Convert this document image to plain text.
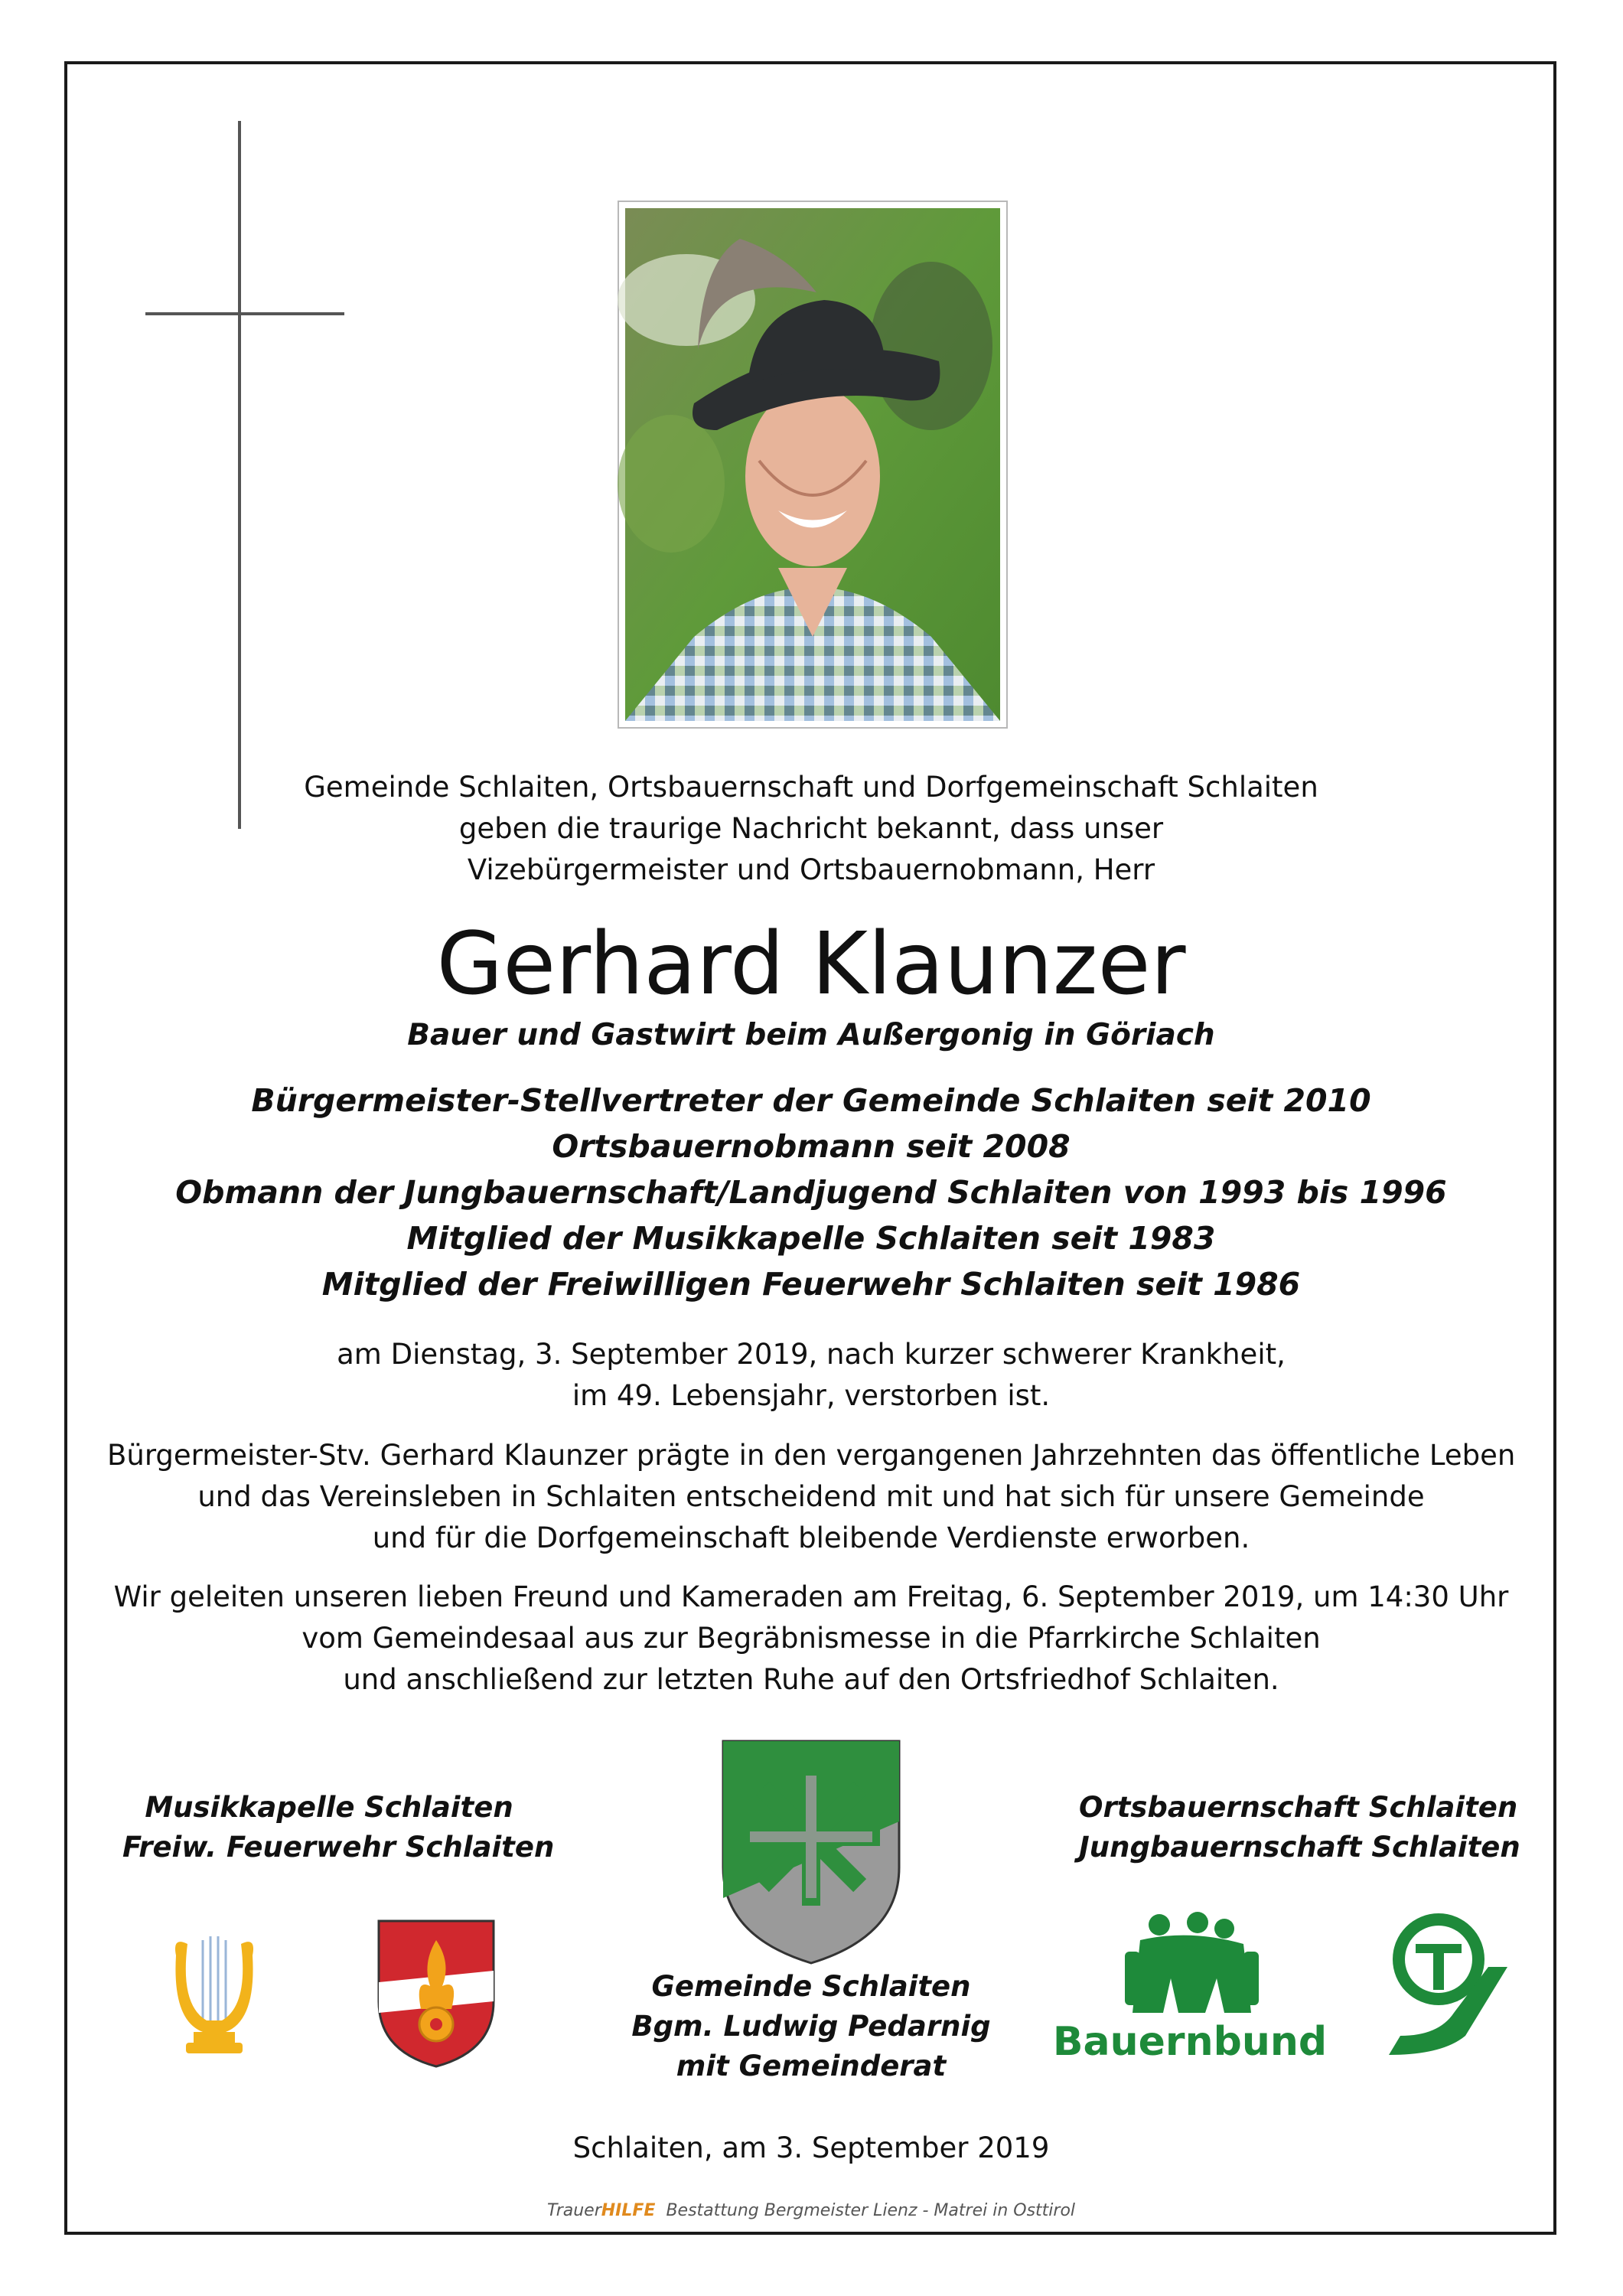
Gemeinde Schlaiten, Ortsbauernschaft und Dorfgemeinschaft Schlaiten
geben die traurige Nachricht bekannt, dass unser
Vizebürgermeister und Ortsbauernobmann, Herr
Gerhard Klaunzer
Bauer und Gastwirt beim Außergonig in Göriach
Bürgermeister-Stellvertreter der Gemeinde Schlaiten seit 2010
Ortsbauernobmann seit 2008
Obmann der Jungbauernschaft/Landjugend Schlaiten von 1993 bis 1996
Mitglied der Musikkapelle Schlaiten seit 1983
Mitglied der Freiwilligen Feuerwehr Schlaiten seit 1986
am Dienstag, 3. September 2019, nach kurzer schwerer Krankheit,
im 49. Lebensjahr, verstorben ist.
Bürgermeister-Stv. Gerhard Klaunzer prägte in den vergangenen Jahrzehnten das öffentliche Leben
und das Vereinsleben in Schlaiten entscheidend mit und hat sich für unsere Gemeinde
und für die Dorfgemeinschaft bleibende Verdienste erworben.
Wir geleiten unseren lieben Freund und Kameraden am Freitag, 6. September 2019, um 14:30 Uhr
vom Gemeindesaal aus zur Begräbnismesse in die Pfarrkirche Schlaiten
und anschließend zur letzten Ruhe auf den Ortsfriedhof Schlaiten.
Musikkapelle Schlaiten
Freiw. Feuerwehr Schlaiten
Ortsbauernschaft Schlaiten
Jungbauernschaft Schlaiten
Gemeinde Schlaiten
Bgm. Ludwig Pedarnig
mit Gemeinderat
Bauernbund
Schlaiten, am 3. September 2019
TrauerHILFE Bestattung Bergmeister Lienz - Matrei in Osttirol
